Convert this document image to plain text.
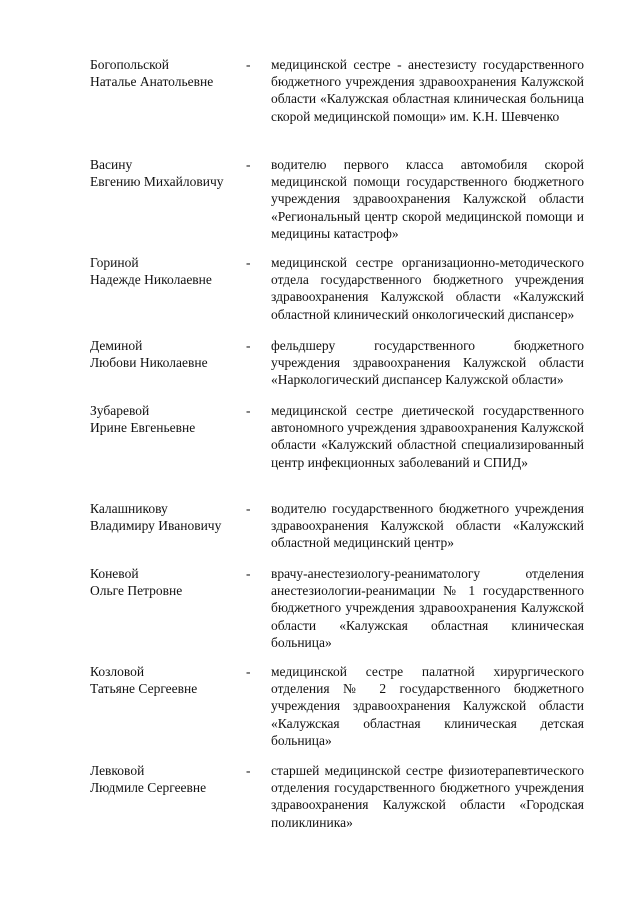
Богопольской
Наталье Анатольевне
- медицинской сестре - анестезисту государственного бюджетного учреждения здравоохранения Калужской области «Калужская областная клиническая больница скорой медицинской помощи» им. К.Н. Шевченко
Васину
Евгению Михайловичу
- водителю первого класса автомобиля скорой медицинской помощи государственного бюджетного учреждения здравоохранения Калужской области «Региональный центр скорой медицинской помощи и медицины катастроф»
Гориной
Надежде Николаевне
- медицинской сестре организационно-методического отдела государственного бюджетного учреждения здравоохранения Калужской области «Калужский областной клинический онкологический диспансер»
Деминой
Любови Николаевне
- фельдшеру государственного бюджетного учреждения здравоохранения Калужской области «Наркологический диспансер Калужской области»
Зубаревой
Ирине Евгеньевне
- медицинской сестре диетической государственного автономного учреждения здравоохранения Калужской области «Калужский областной специализированный центр инфекционных заболеваний и СПИД»
Калашникову
Владимиру Ивановичу
- водителю государственного бюджетного учреждения здравоохранения Калужской области «Калужский областной медицинский центр»
Коневой
Ольге Петровне
- врачу-анестезиологу-реаниматологу отделения анестезиологии-реанимации № 1 государственного бюджетного учреждения здравоохранения Калужской области «Калужская областная клиническая больница»
Козловой
Татьяне Сергеевне
- медицинской сестре палатной хирургического отделения № 2 государственного бюджетного учреждения здравоохранения Калужской области «Калужская областная клиническая детская больница»
Левковой
Людмиле Сергеевне
- старшей медицинской сестре физиотерапевтического отделения государственного бюджетного учреждения здравоохранения Калужской области «Городская поликлиника»
